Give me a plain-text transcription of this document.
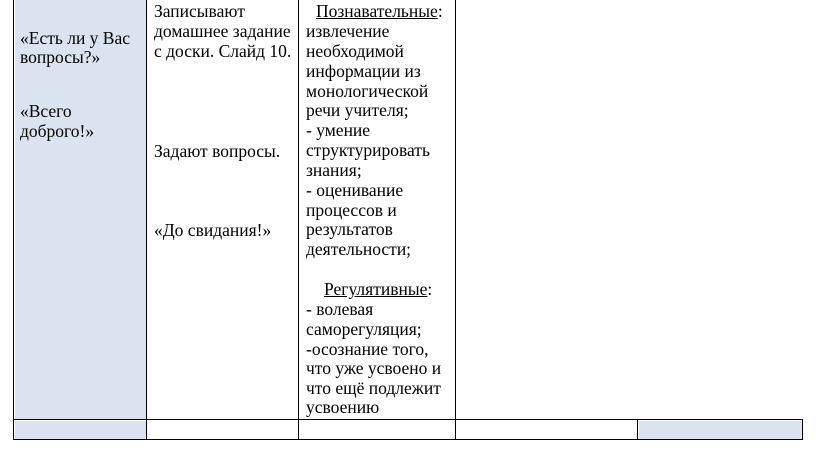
«Есть ли у Вас
вопросы?»
«Всего
доброго!»
Записывают
домашнее задание
с доски. Слайд 10.
Задают вопросы.
«До свидания!»
Познавательные:
извлечение
необходимой
информации из
монологической
речи учителя;
- умение
структурировать
знания;
- оценивание
процессов и
результатов
деятельности;
Регулятивные:
- волевая
саморегуляция;
-осознание того,
что уже усвоено и
что ещё подлежит
усвоению
